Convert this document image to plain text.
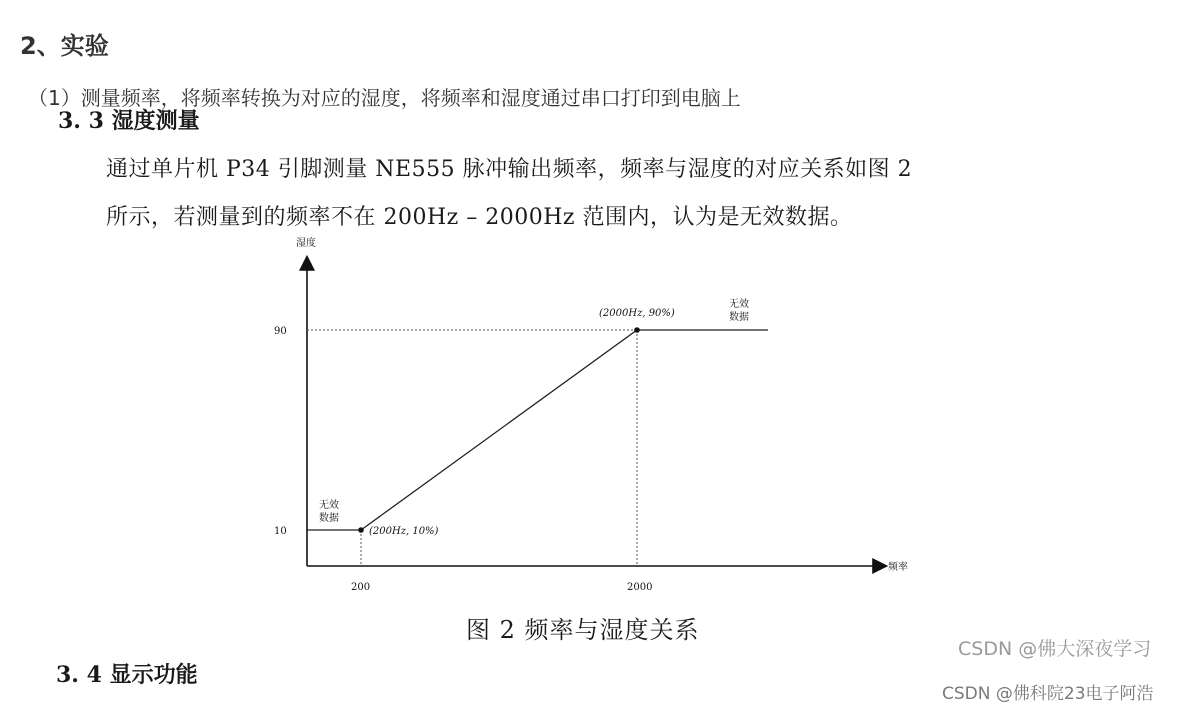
2、实验
（1）测量频率，将频率转换为对应的湿度，将频率和湿度通过串口打印到电脑上
3. 3 湿度测量
通过单片机 P34 引脚测量 NE555 脉冲输出频率，频率与湿度的对应关系如图 2
所示，若测量到的频率不在 200Hz – 2000Hz 范围内，认为是无效数据。
90
10
200	2000
(200Hz, 10%)
(2000Hz, 90%)
无效
数据
无效
数据
湿度
频率
图 2 频率与湿度关系
3. 4 显示功能
CSDN @佛大深夜学习
CSDN @佛科院23电子阿浩
